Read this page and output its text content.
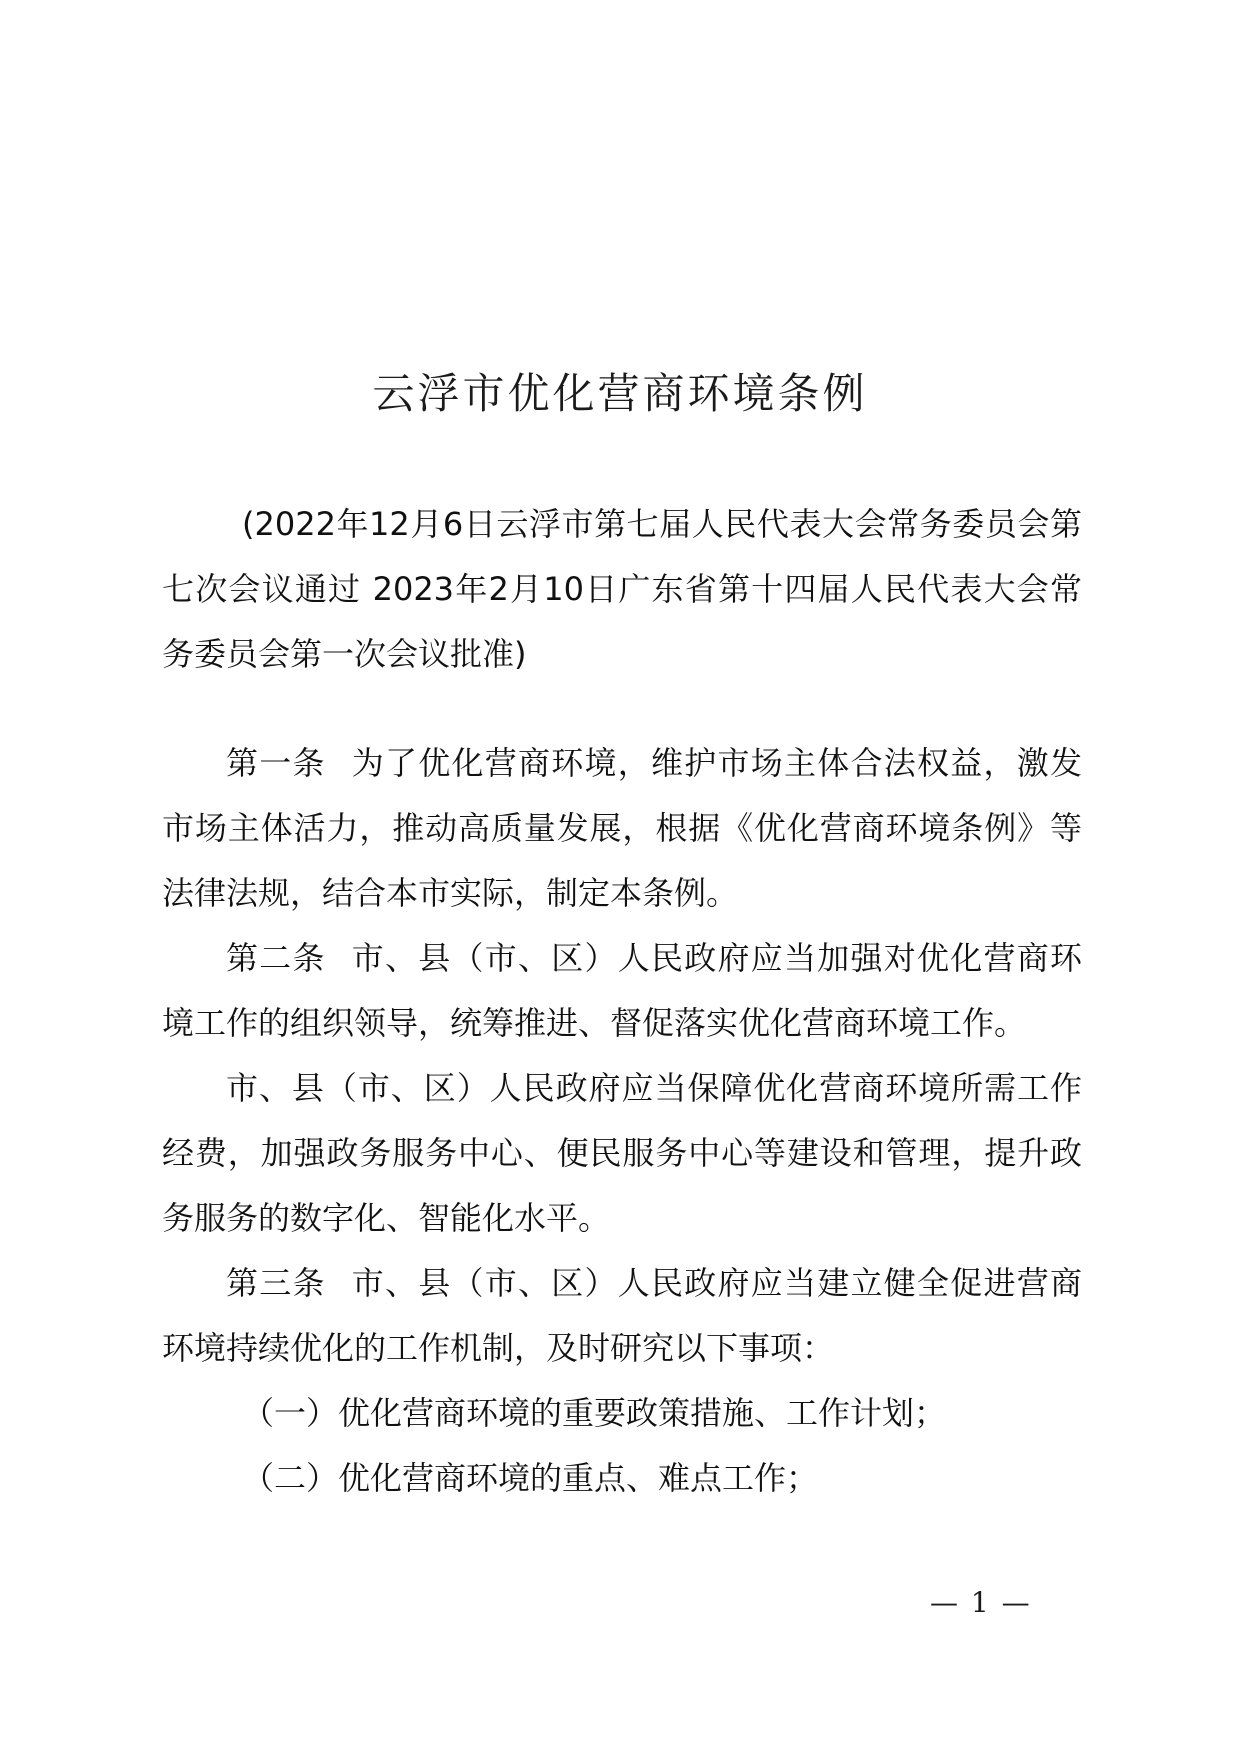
云浮市优化营商环境条例

(2022年12月6日云浮市第七届人民代表大会常务委员会第七次会议通过 2023年2月10日广东省第十四届人民代表大会常务委员会第一次会议批准)

第一条 为了优化营商环境，维护市场主体合法权益，激发市场主体活力，推动高质量发展，根据《优化营商环境条例》等法律法规，结合本市实际，制定本条例。

第二条 市、县（市、区）人民政府应当加强对优化营商环境工作的组织领导，统筹推进、督促落实优化营商环境工作。

市、县（市、区）人民政府应当保障优化营商环境所需工作经费，加强政务服务中心、便民服务中心等建设和管理，提升政务服务的数字化、智能化水平。

第三条 市、县（市、区）人民政府应当建立健全促进营商环境持续优化的工作机制，及时研究以下事项：

（一）优化营商环境的重要政策措施、工作计划；

（二）优化营商环境的重点、难点工作；

— 1 —
